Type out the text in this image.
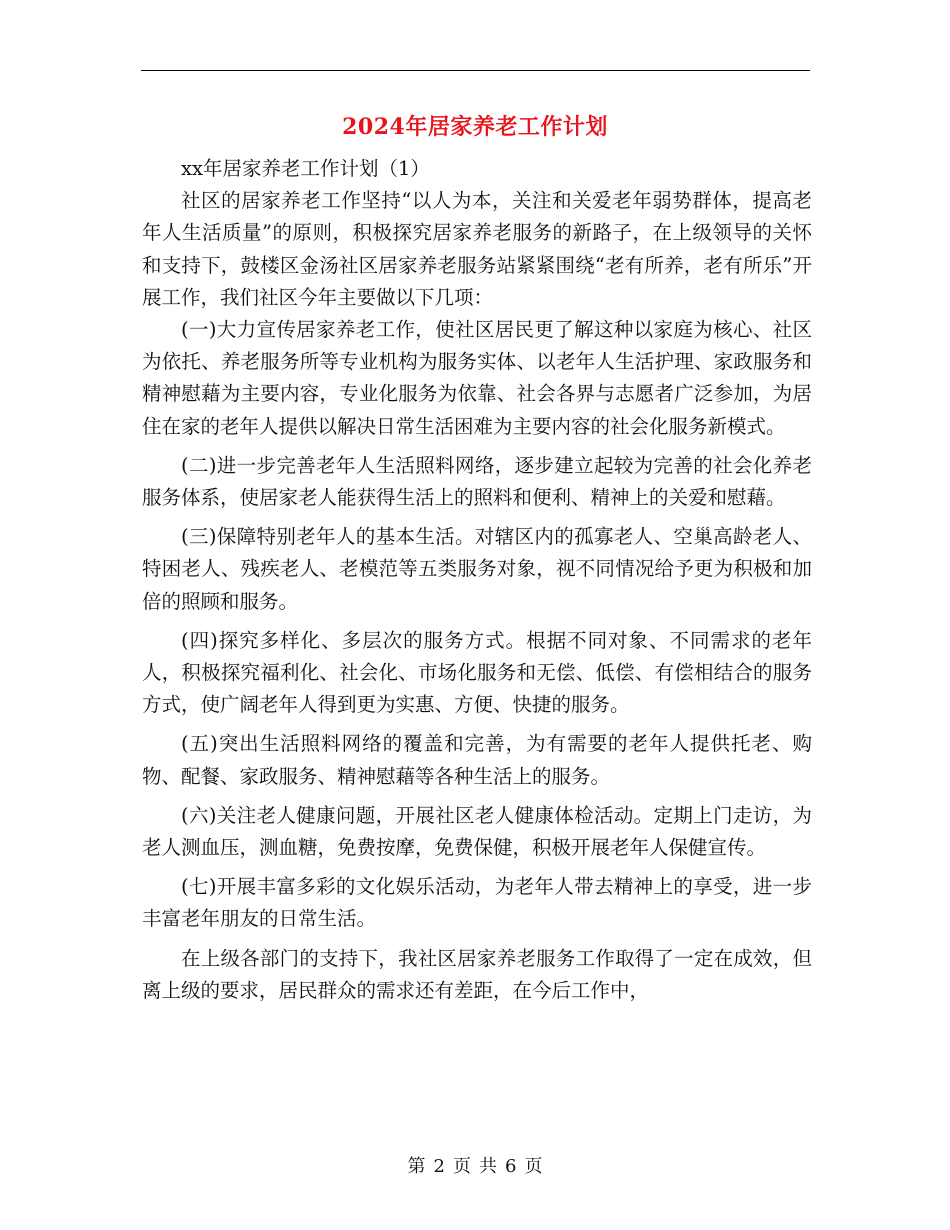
2024年居家养老工作计划

xx年居家养老工作计划（1）

社区的居家养老工作坚持“以人为本，关注和关爱老年弱势群体，提高老年人生活质量”的原则，积极探究居家养老服务的新路子，在上级领导的关怀和支持下，鼓楼区金汤社区居家养老服务站紧紧围绕“老有所养，老有所乐”开展工作，我们社区今年主要做以下几项：

(一)大力宣传居家养老工作，使社区居民更了解这种以家庭为核心、社区为依托、养老服务所等专业机构为服务实体、以老年人生活护理、家政服务和精神慰藉为主要内容，专业化服务为依靠、社会各界与志愿者广泛参加，为居住在家的老年人提供以解决日常生活困难为主要内容的社会化服务新模式。

(二)进一步完善老年人生活照料网络，逐步建立起较为完善的社会化养老服务体系，使居家老人能获得生活上的照料和便利、精神上的关爱和慰藉。

(三)保障特别老年人的基本生活。对辖区内的孤寡老人、空巢高龄老人、特困老人、残疾老人、老模范等五类服务对象，视不同情况给予更为积极和加倍的照顾和服务。

(四)探究多样化、多层次的服务方式。根据不同对象、不同需求的老年人，积极探究福利化、社会化、市场化服务和无偿、低偿、有偿相结合的服务方式，使广阔老年人得到更为实惠、方便、快捷的服务。

(五)突出生活照料网络的覆盖和完善，为有需要的老年人提供托老、购物、配餐、家政服务、精神慰藉等各种生活上的服务。

(六)关注老人健康问题，开展社区老人健康体检活动。定期上门走访，为老人测血压，测血糖，免费按摩，免费保健，积极开展老年人保健宣传。

(七)开展丰富多彩的文化娱乐活动，为老年人带去精神上的享受，进一步丰富老年朋友的日常生活。

在上级各部门的支持下，我社区居家养老服务工作取得了一定在成效，但离上级的要求，居民群众的需求还有差距，在今后工作中，

第 2 页 共 6 页
